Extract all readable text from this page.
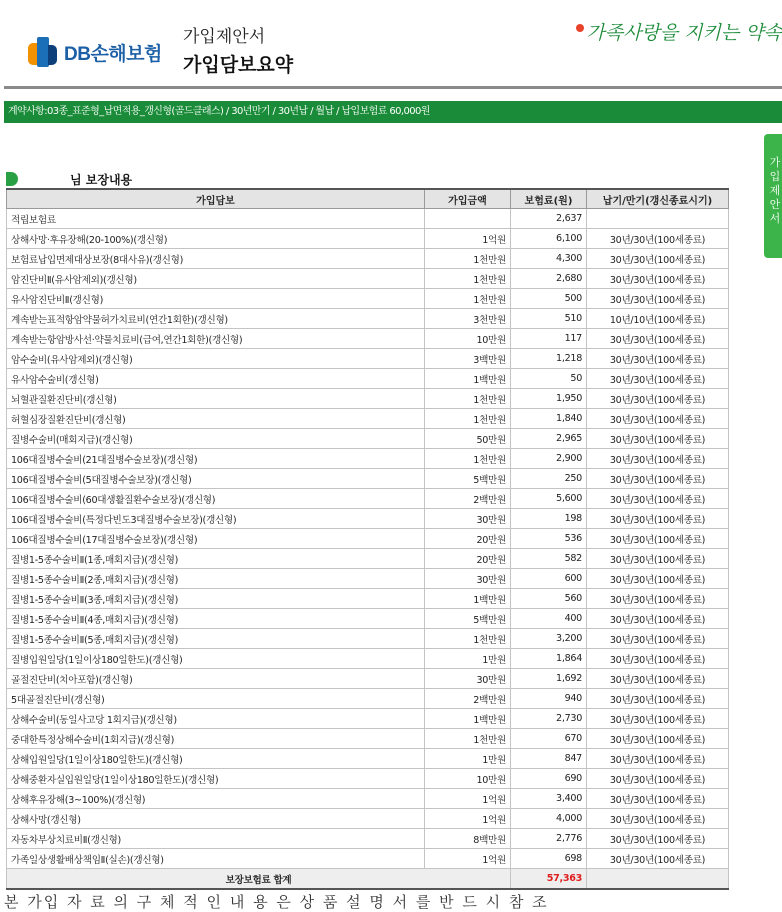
DB손해보험
가입제안서
가입담보요약
가족사랑을 지키는 약속
계약사항:03종_표준형_납면적용_갱신형(골드클래스) / 30년만기 / 30년납 / 월납 / 납입보험료 60,000원
가
입
제
안
서
님 보장내용
가입담보	가입금액	보험료(원)	납기/만기(갱신종료시기)
적립보험료		2,637	
상해사망·후유장해(20-100%)(갱신형)	1억원	6,100	30년/30년(100세종료)
보험료납입면제대상보장(8대사유)(갱신형)	1천만원	4,300	30년/30년(100세종료)
암진단비Ⅱ(유사암제외)(갱신형)	1천만원	2,680	30년/30년(100세종료)
유사암진단비Ⅱ(갱신형)	1천만원	500	30년/30년(100세종료)
계속받는표적항암약물허가치료비(연간1회한)(갱신형)	3천만원	510	10년/10년(100세종료)
계속받는항암방사선·약물치료비(급여,연간1회한)(갱신형)	10만원	117	30년/30년(100세종료)
암수술비(유사암제외)(갱신형)	3백만원	1,218	30년/30년(100세종료)
유사암수술비(갱신형)	1백만원	50	30년/30년(100세종료)
뇌혈관질환진단비(갱신형)	1천만원	1,950	30년/30년(100세종료)
허혈심장질환진단비(갱신형)	1천만원	1,840	30년/30년(100세종료)
질병수술비(매회지급)(갱신형)	50만원	2,965	30년/30년(100세종료)
106대질병수술비(21대질병수술보장)(갱신형)	1천만원	2,900	30년/30년(100세종료)
106대질병수술비(5대질병수술보장)(갱신형)	5백만원	250	30년/30년(100세종료)
106대질병수술비(60대생활질환수술보장)(갱신형)	2백만원	5,600	30년/30년(100세종료)
106대질병수술비(특정다빈도3대질병수술보장)(갱신형)	30만원	198	30년/30년(100세종료)
106대질병수술비(17대질병수술보장)(갱신형)	20만원	536	30년/30년(100세종료)
질병1-5종수술비Ⅱ(1종,매회지급)(갱신형)	20만원	582	30년/30년(100세종료)
질병1-5종수술비Ⅱ(2종,매회지급)(갱신형)	30만원	600	30년/30년(100세종료)
질병1-5종수술비Ⅱ(3종,매회지급)(갱신형)	1백만원	560	30년/30년(100세종료)
질병1-5종수술비Ⅱ(4종,매회지급)(갱신형)	5백만원	400	30년/30년(100세종료)
질병1-5종수술비Ⅱ(5종,매회지급)(갱신형)	1천만원	3,200	30년/30년(100세종료)
질병입원일당(1일이상180일한도)(갱신형)	1만원	1,864	30년/30년(100세종료)
골절진단비(치아포함)(갱신형)	30만원	1,692	30년/30년(100세종료)
5대골절진단비(갱신형)	2백만원	940	30년/30년(100세종료)
상해수술비(동일사고당 1회지급)(갱신형)	1백만원	2,730	30년/30년(100세종료)
중대한특정상해수술비(1회지급)(갱신형)	1천만원	670	30년/30년(100세종료)
상해입원일당(1일이상180일한도)(갱신형)	1만원	847	30년/30년(100세종료)
상해중환자실입원일당(1일이상180일한도)(갱신형)	10만원	690	30년/30년(100세종료)
상해후유장해(3~100%)(갱신형)	1억원	3,400	30년/30년(100세종료)
상해사망(갱신형)	1억원	4,000	30년/30년(100세종료)
자동차부상치료비Ⅱ(갱신형)	8백만원	2,776	30년/30년(100세종료)
가족일상생활배상책임Ⅱ(실손)(갱신형)	1억원	698	30년/30년(100세종료)
보장보험료 합계		57,363	
본 가입 자 료 의 구 체 적 인 내 용 은 상 품 설 명 서 를 반 드 시 참 조
